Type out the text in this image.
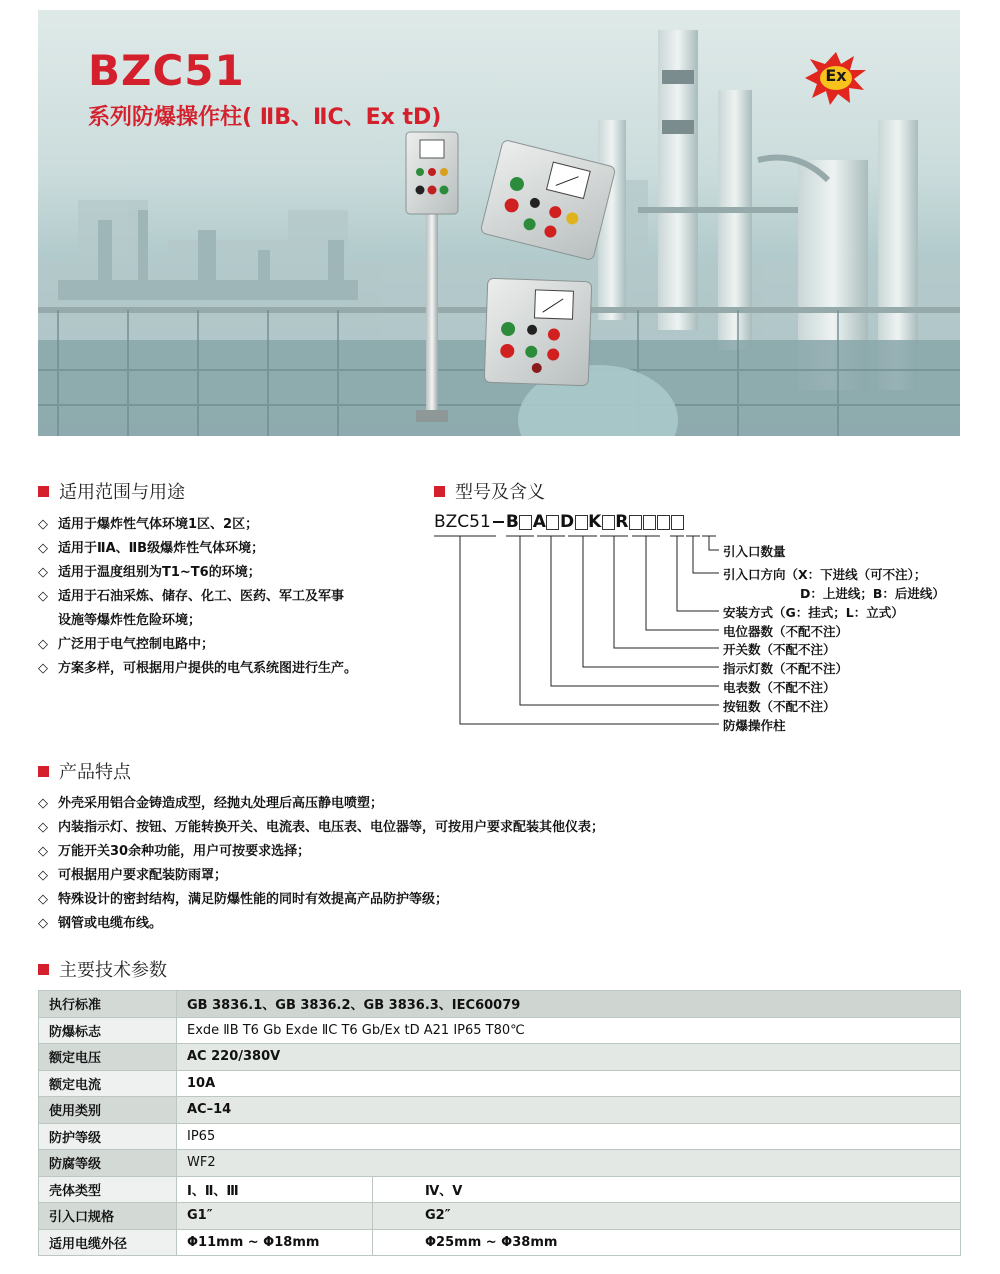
BZC51
系列防爆操作柱( ⅡB、ⅡC、Ex tD)
Ex
适用范围与用途
◇ 适用于爆炸性气体环境1区、2区；
◇ 适用于ⅡA、ⅡB级爆炸性气体环境；
◇ 适用于温度组别为T1~T6的环境；
◇ 适用于石油采炼、储存、化工、医药、军工及军事
设施等爆炸性危险环境；
◇ 广泛用于电气控制电路中；
◇ 方案多样，可根据用户提供的电气系统图进行生产。
型号及含义
BZC51 B A D K R
引入口数量
引入口方向（X：下进线（可不注）；
D：上进线；B：后进线）
安装方式（G：挂式；L：立式）
电位器数（不配不注）
开关数（不配不注）
指示灯数（不配不注）
电表数（不配不注）
按钮数（不配不注）
防爆操作柱
产品特点
◇ 外壳采用铝合金铸造成型，经抛丸处理后高压静电喷塑；
◇ 内装指示灯、按钮、万能转换开关、电流表、电压表、电位器等，可按用户要求配装其他仪表；
◇ 万能开关30余种功能，用户可按要求选择；
◇ 可根据用户要求配装防雨罩；
◇ 特殊设计的密封结构，满足防爆性能的同时有效提高产品防护等级；
◇ 钢管或电缆布线。
主要技术参数
执行标准	GB 3836.1、GB 3836.2、GB 3836.3、IEC60079	
防爆标志	Exde ⅡB T6 Gb Exde ⅡC T6 Gb/Ex tD A21 IP65 T80℃	
额定电压	AC 220/380V	
额定电流	10A	
使用类别	AC–14	
防护等级	IP65	
防腐等级	WF2	
壳体类型	Ⅰ、Ⅱ、Ⅲ	Ⅳ、Ⅴ
引入口规格	G1″	G2″
适用电缆外径	Φ11mm ~ Φ18mm	Φ25mm ~ Φ38mm
